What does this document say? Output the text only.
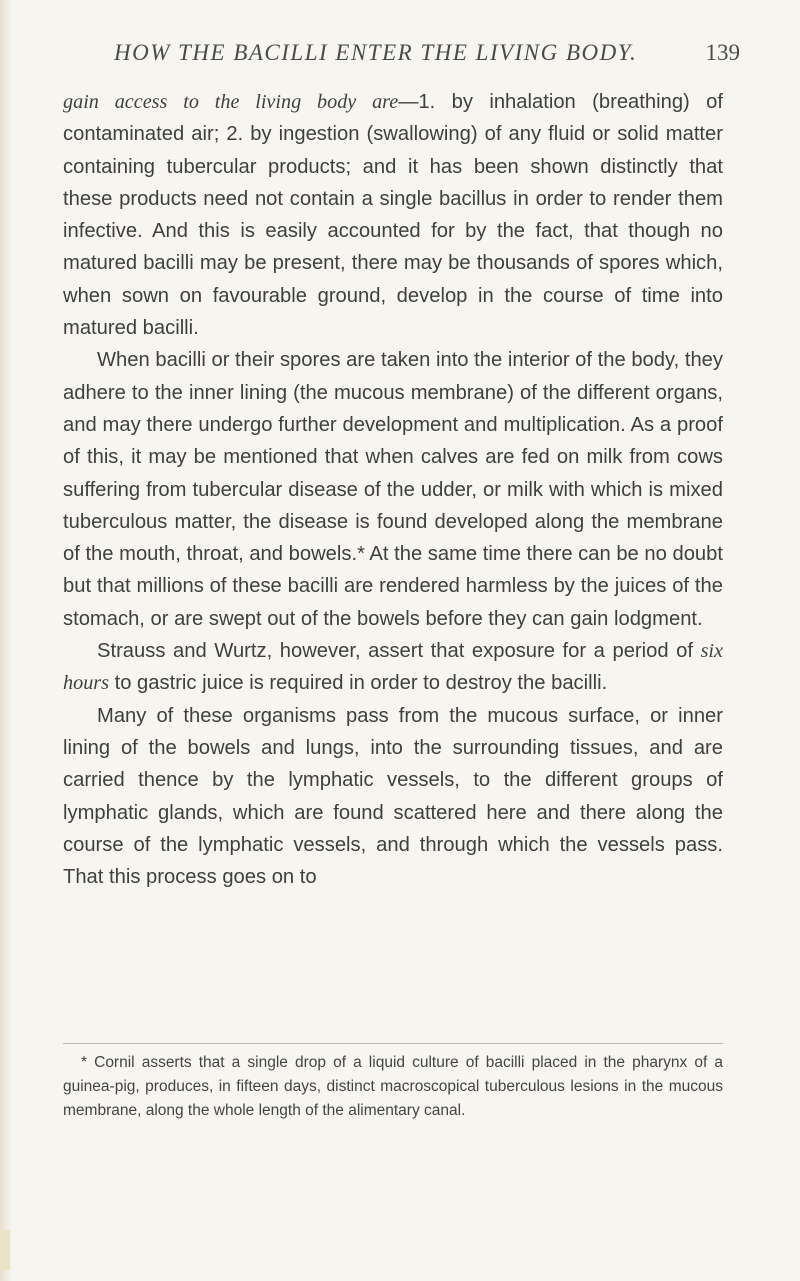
HOW THE BACILLI ENTER THE LIVING BODY.	139

gain access to the living body are—1. by inhalation (breathing) of contaminated air; 2. by ingestion (swallowing) of any fluid or solid matter containing tubercular products; and it has been shown distinctly that these products need not contain a single bacillus in order to render them infective. And this is easily accounted for by the fact, that though no matured bacilli may be present, there may be thousands of spores which, when sown on favourable ground, develop in the course of time into matured bacilli.

When bacilli or their spores are taken into the interior of the body, they adhere to the inner lining (the mucous membrane) of the different organs, and may there undergo further development and multiplication. As a proof of this, it may be mentioned that when calves are fed on milk from cows suffering from tubercular disease of the udder, or milk with which is mixed tuberculous matter, the disease is found developed along the membrane of the mouth, throat, and bowels.* At the same time there can be no doubt but that millions of these bacilli are rendered harmless by the juices of the stomach, or are swept out of the bowels before they can gain lodgment.

Strauss and Wurtz, however, assert that exposure for a period of six hours to gastric juice is required in order to destroy the bacilli.

Many of these organisms pass from the mucous surface, or inner lining of the bowels and lungs, into the surrounding tissues, and are carried thence by the lymphatic vessels, to the different groups of lymphatic glands, which are found scattered here and there along the course of the lymphatic vessels, and through which the vessels pass. That this process goes on to

* Cornil asserts that a single drop of a liquid culture of bacilli placed in the pharynx of a guinea-pig, produces, in fifteen days, distinct macroscopical tuberculous lesions in the mucous membrane, along the whole length of the alimentary canal.
